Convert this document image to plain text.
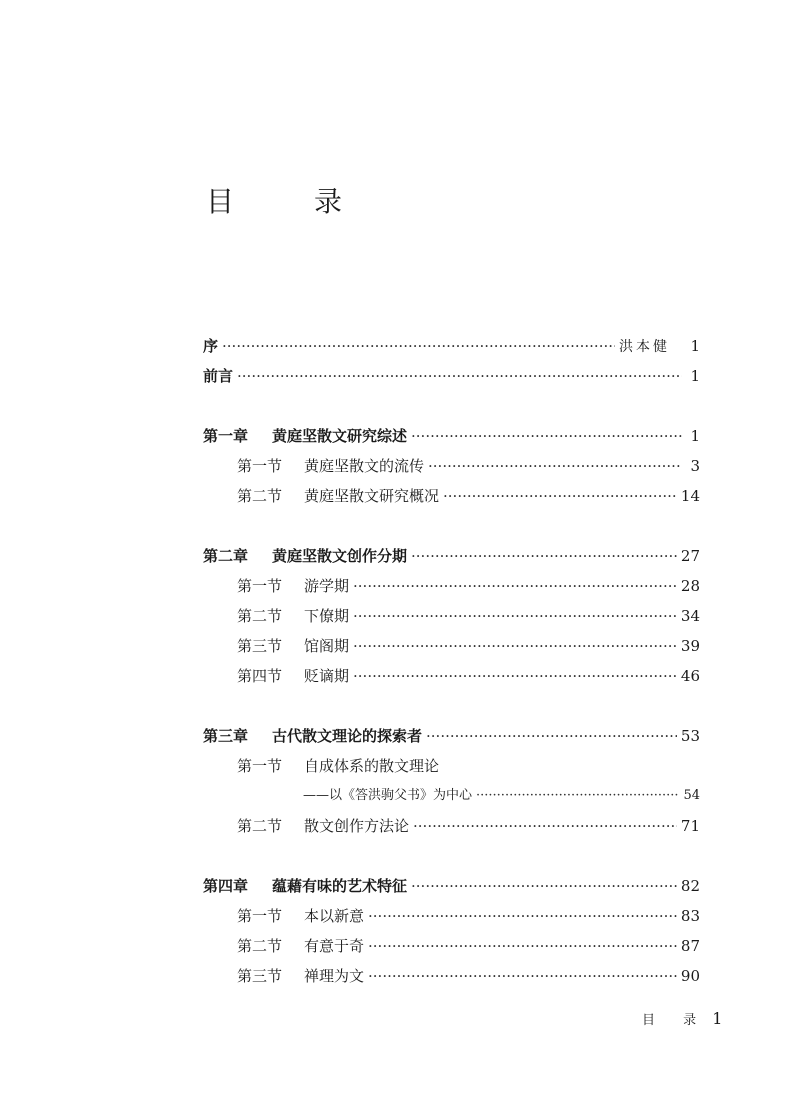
目　录
序 ·····	洪本健 1
前言 ·····	1
第一章 黄庭坚散文研究综述 ·····	1
第一节 黄庭坚散文的流传 ·····	3
第二节 黄庭坚散文研究概况 ·····	14
第二章 黄庭坚散文创作分期 ·····	27
第一节 游学期 ·····	28
第二节 下僚期 ·····	34
第三节 馆阁期 ·····	39
第四节 贬谪期 ·····	46
第三章 古代散文理论的探索者 ·····	53
第一节 自成体系的散文理论
——以《答洪驹父书》为中心 ·····	54
第二节 散文创作方法论 ·····	71
第四章 蕴藉有味的艺术特征 ·····	82
第一节 本以新意 ·····	83
第二节 有意于奇 ·····	87
第三节 禅理为文 ·····	90
目 录 1
